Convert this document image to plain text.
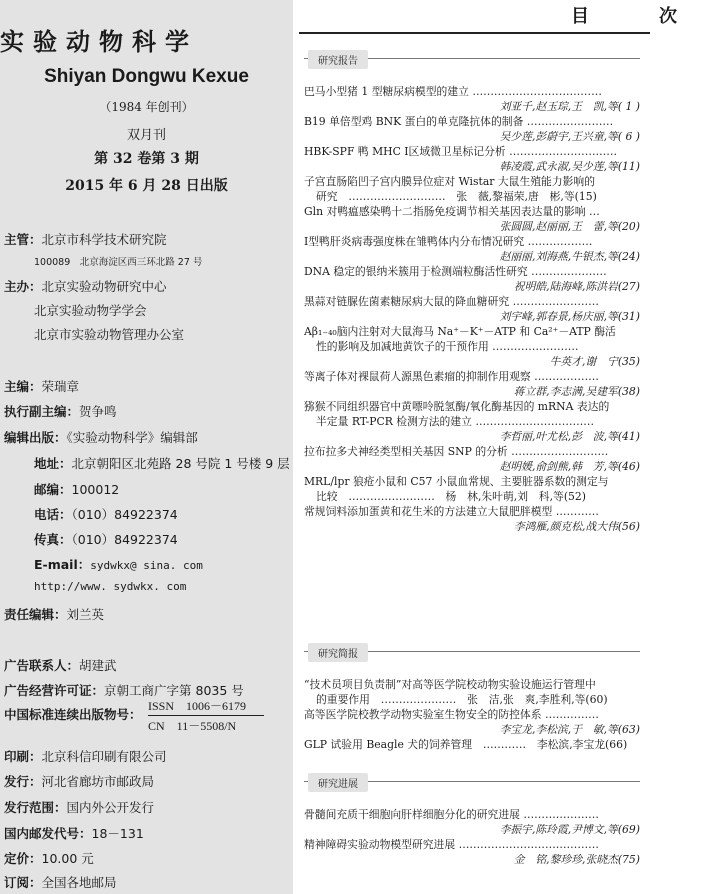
实验动物科学
Shiyan Dongwu Kexue
（1984 年创刊）
双月刊
第 32 卷第 3 期
2015 年 6 月 28 日出版
主管：北京市科学技术研究院
100089　北京海淀区西三环北路 27 号
主办：北京实验动物研究中心
北京实验动物学学会
北京市实验动物管理办公室
主编：荣瑞章
执行副主编：贺争鸣
编辑出版：《实验动物科学》编辑部
地址：北京朝阳区北苑路 28 号院 1 号楼 9 层
邮编：100012
电话：（010）84922374
传真：（010）84922374
E-mail：sydwkx@ sina. com
http://www. sydwkx. com
责任编辑：刘兰英
广告联系人：胡建武
广告经营许可证：京朝工商广字第 8035 号
中国标准连续出版物号：
ISSN　1006－6179
CN　11－5508/N
印刷：北京科信印刷有限公司
发行：河北省廊坊市邮政局
发行范围：国内外公开发行
国内邮发代号：18－131
定价：10.00 元
订阅：全国各地邮局
目　次
研究报告
巴马小型猪 1 型糖尿病模型的建立 ………………………………
刘亚千,赵玉琮,王　凯,等( 1 )
B19 单倍型鸡 BNK 蛋白的单克隆抗体的制备 ……………………
吴少莲,彭蔚宇,王兴童,等( 6 )
HBK-SPF 鸭 MHC Ⅰ区域微卫星标记分析 …………………………
韩凌霞,武永淑,吴少莲,等(11)
子宫直肠陷凹子宫内膜异位症对 Wistar 大鼠生殖能力影响的
研究　………………………　张　薇,黎福荣,唐　彬,等(15)
Gln 对鸭瘟感染鸭十二指肠免疫调节相关基因表达量的影响 …
张圆圆,赵丽丽,王　蕾,等(20)
Ⅰ型鸭肝炎病毒强度株在雏鸭体内分布情况研究 ………………
赵丽丽,刘海燕,牛银杰,等(24)
DNA 稳定的银纳米簇用于检测端粒酶活性研究 …………………
祝明皓,陆海峰,陈洪岩(27)
黑蒜对链脲佐菌素糖尿病大鼠的降血糖研究 ……………………
刘宇峰,郭春景,杨庆丽,等(31)
Aβ₁₋₄₀脑内注射对大鼠海马 Na⁺－K⁺－ATP 和 Ca²⁺－ATP 酶活
性的影响及加减地黄饮子的干预作用 ……………………
牛英才,谢　宁(35)
等离子体对裸鼠荷人源黑色素瘤的抑制作用观察 ………………
蒋立群,李志满,吴建军(38)
猕猴不同组织器官中黄嘌呤脱氢酶/氧化酶基因的 mRNA 表达的
半定量 RT-PCR 检测方法的建立 ……………………………
李哲丽,叶尤松,彭　波,等(41)
拉布拉多犬神经类型相关基因 SNP 的分析 ………………………
赵明媛,俞剑熊,韩　芳,等(46)
MRL/lpr 狼疮小鼠和 C57 小鼠血常规、主要脏器系数的测定与
比较　……………………　杨　林,朱叶萌,刘　科,等(52)
常规饲料添加蛋黄和花生米的方法建立大鼠肥胖模型 …………
李鸿雁,颜克松,战大伟(56)
研究简报
“技术员项目负责制”对高等医学院校动物实验设施运行管理中
的重要作用　…………………　张　洁,张　爽,李胜利,等(60)
高等医学院校教学动物实验室生物安全的防控体系 ……………
李宝龙,李松滨,于　敏,等(63)
GLP 试验用 Beagle 犬的饲养管理　…………　李松滨,李宝龙(66)
研究进展
骨髓间充质干细胞向肝样细胞分化的研究进展 …………………
李振宇,陈玲霞,尹博文,等(69)
精神障碍实验动物模型研究进展 …………………………………
金　铭,黎珍珍,张晓杰(75)
